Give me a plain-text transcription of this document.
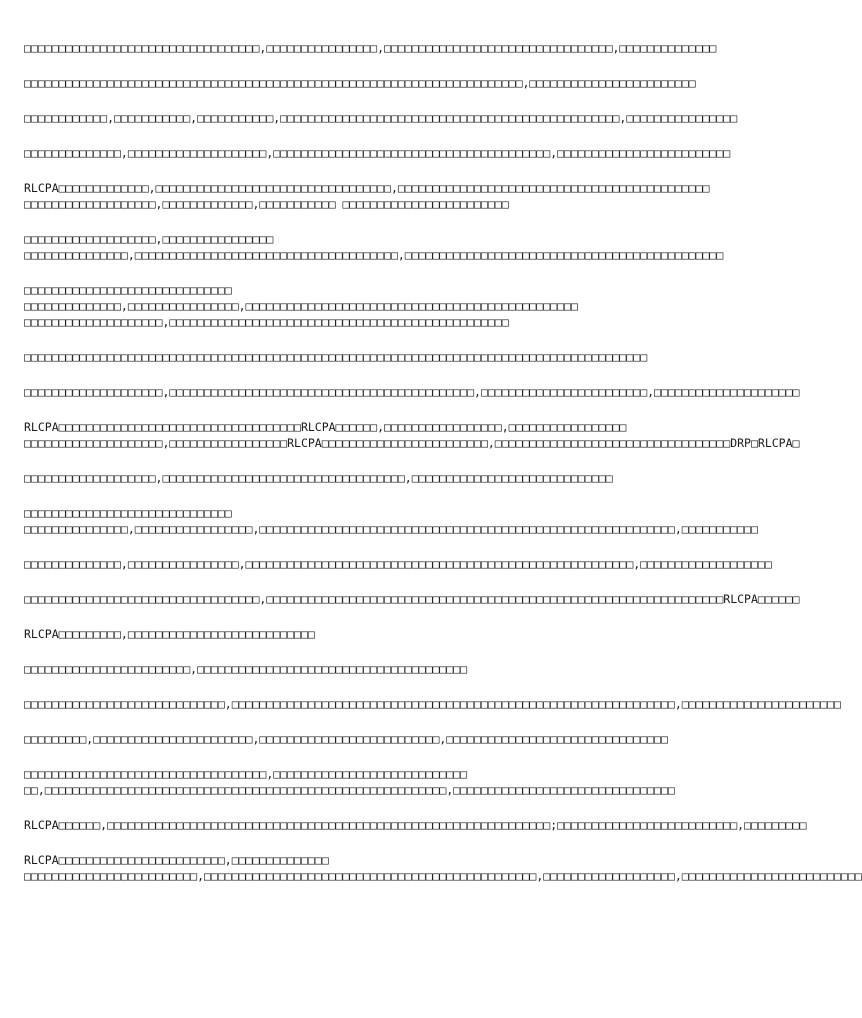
□□□□□□□□□□□□□□□□□□□□□□□□□□□□□□□□□□,□□□□□□□□□□□□□□□□,□□□□□□□□□□□□□□□□□□□□□□□□□□□□□□□□□,□□□□□□□□□□□□□□
□□□□□□□□□□□□□□□□□□□□□□□□□□□□□□□□□□□□□□□□□□□□□□□□□□□□□□□□□□□□□□□□□□□□□□□□,□□□□□□□□□□□□□□□□□□□□□□□□
□□□□□□□□□□□□,□□□□□□□□□□□,□□□□□□□□□□□,□□□□□□□□□□□□□□□□□□□□□□□□□□□□□□□□□□□□□□□□□□□□□□□□□,□□□□□□□□□□□□□□□□
□□□□□□□□□□□□□□,□□□□□□□□□□□□□□□□□□□□,□□□□□□□□□□□□□□□□□□□□□□□□□□□□□□□□□□□□□□□□,□□□□□□□□□□□□□□□□□□□□□□□□□
RLCPA□□□□□□□□□□□□□,□□□□□□□□□□□□□□□□□□□□□□□□□□□□□□□□□□,□□□□□□□□□□□□□□□□□□□□□□□□□□□□□□□□□□□□□□□□□□□□□
□□□□□□□□□□□□□□□□□□□,□□□□□□□□□□□□□,□□□□□□□□□□□ □□□□□□□□□□□□□□□□□□□□□□□□
□□□□□□□□□□□□□□□□□□□,□□□□□□□□□□□□□□□□
□□□□□□□□□□□□□□□,□□□□□□□□□□□□□□□□□□□□□□□□□□□□□□□□□□□□□□,□□□□□□□□□□□□□□□□□□□□□□□□□□□□□□□□□□□□□□□□□□□□□□
□□□□□□□□□□□□□□□□□□□□□□□□□□□□□□
□□□□□□□□□□□□□□,□□□□□□□□□□□□□□□□,□□□□□□□□□□□□□□□□□□□□□□□□□□□□□□□□□□□□□□□□□□□□□□□□
□□□□□□□□□□□□□□□□□□□□,□□□□□□□□□□□□□□□□□□□□□□□□□□□□□□□□□□□□□□□□□□□□□□□□□
□□□□□□□□□□□□□□□□□□□□□□□□□□□□□□□□□□□□□□□□□□□□□□□□□□□□□□□□□□□□□□□□□□□□□□□□□□□□□□□□□□□□□□□□□□
□□□□□□□□□□□□□□□□□□□□,□□□□□□□□□□□□□□□□□□□□□□□□□□□□□□□□□□□□□□□□□□□□,□□□□□□□□□□□□□□□□□□□□□□□□,□□□□□□□□□□□□□□□□□□□□□
RLCPA□□□□□□□□□□□□□□□□□□□□□□□□□□□□□□□□□□□RLCPA□□□□□□,□□□□□□□□□□□□□□□□□,□□□□□□□□□□□□□□□□□
□□□□□□□□□□□□□□□□□□□□,□□□□□□□□□□□□□□□□□RLCPA□□□□□□□□□□□□□□□□□□□□□□□□,□□□□□□□□□□□□□□□□□□□□□□□□□□□□□□□□□□DRP□RLCPA□
□□□□□□□□□□□□□□□□□□□,□□□□□□□□□□□□□□□□□□□□□□□□□□□□□□□□□□□,□□□□□□□□□□□□□□□□□□□□□□□□□□□□□
□□□□□□□□□□□□□□□□□□□□□□□□□□□□□□
□□□□□□□□□□□□□□□,□□□□□□□□□□□□□□□□□,□□□□□□□□□□□□□□□□□□□□□□□□□□□□□□□□□□□□□□□□□□□□□□□□□□□□□□□□□□□□,□□□□□□□□□□□
□□□□□□□□□□□□□□,□□□□□□□□□□□□□□□□,□□□□□□□□□□□□□□□□□□□□□□□□□□□□□□□□□□□□□□□□□□□□□□□□□□□□□□□□,□□□□□□□□□□□□□□□□□□□
□□□□□□□□□□□□□□□□□□□□□□□□□□□□□□□□□□,□□□□□□□□□□□□□□□□□□□□□□□□□□□□□□□□□□□□□□□□□□□□□□□□□□□□□□□□□□□□□□□□□□RLCPA□□□□□□
RLCPA□□□□□□□□□,□□□□□□□□□□□□□□□□□□□□□□□□□□□
□□□□□□□□□□□□□□□□□□□□□□□□,□□□□□□□□□□□□□□□□□□□□□□□□□□□□□□□□□□□□□□□
□□□□□□□□□□□□□□□□□□□□□□□□□□□□□,□□□□□□□□□□□□□□□□□□□□□□□□□□□□□□□□□□□□□□□□□□□□□□□□□□□□□□□□□□□□□□□□,□□□□□□□□□□□□□□□□□□□□□□□
□□□□□□□□□,□□□□□□□□□□□□□□□□□□□□□□□,□□□□□□□□□□□□□□□□□□□□□□□□□□,□□□□□□□□□□□□□□□□□□□□□□□□□□□□□□□□
□□□□□□□□□□□□□□□□□□□□□□□□□□□□□□□□□□□,□□□□□□□□□□□□□□□□□□□□□□□□□□□□
□□,□□□□□□□□□□□□□□□□□□□□□□□□□□□□□□□□□□□□□□□□□□□□□□□□□□□□□□□□□□,□□□□□□□□□□□□□□□□□□□□□□□□□□□□□□□□
RLCPA□□□□□□,□□□□□□□□□□□□□□□□□□□□□□□□□□□□□□□□□□□□□□□□□□□□□□□□□□□□□□□□□□□□□□□□;□□□□□□□□□□□□□□□□□□□□□□□□□□,□□□□□□□□□
RLCPA□□□□□□□□□□□□□□□□□□□□□□□□,□□□□□□□□□□□□□□
□□□□□□□□□□□□□□□□□□□□□□□□□,□□□□□□□□□□□□□□□□□□□□□□□□□□□□□□□□□□□□□□□□□□□□□□□□,□□□□□□□□□□□□□□□□□□□,□□□□□□□□□□□□□□□□□□□□□□□□□□
